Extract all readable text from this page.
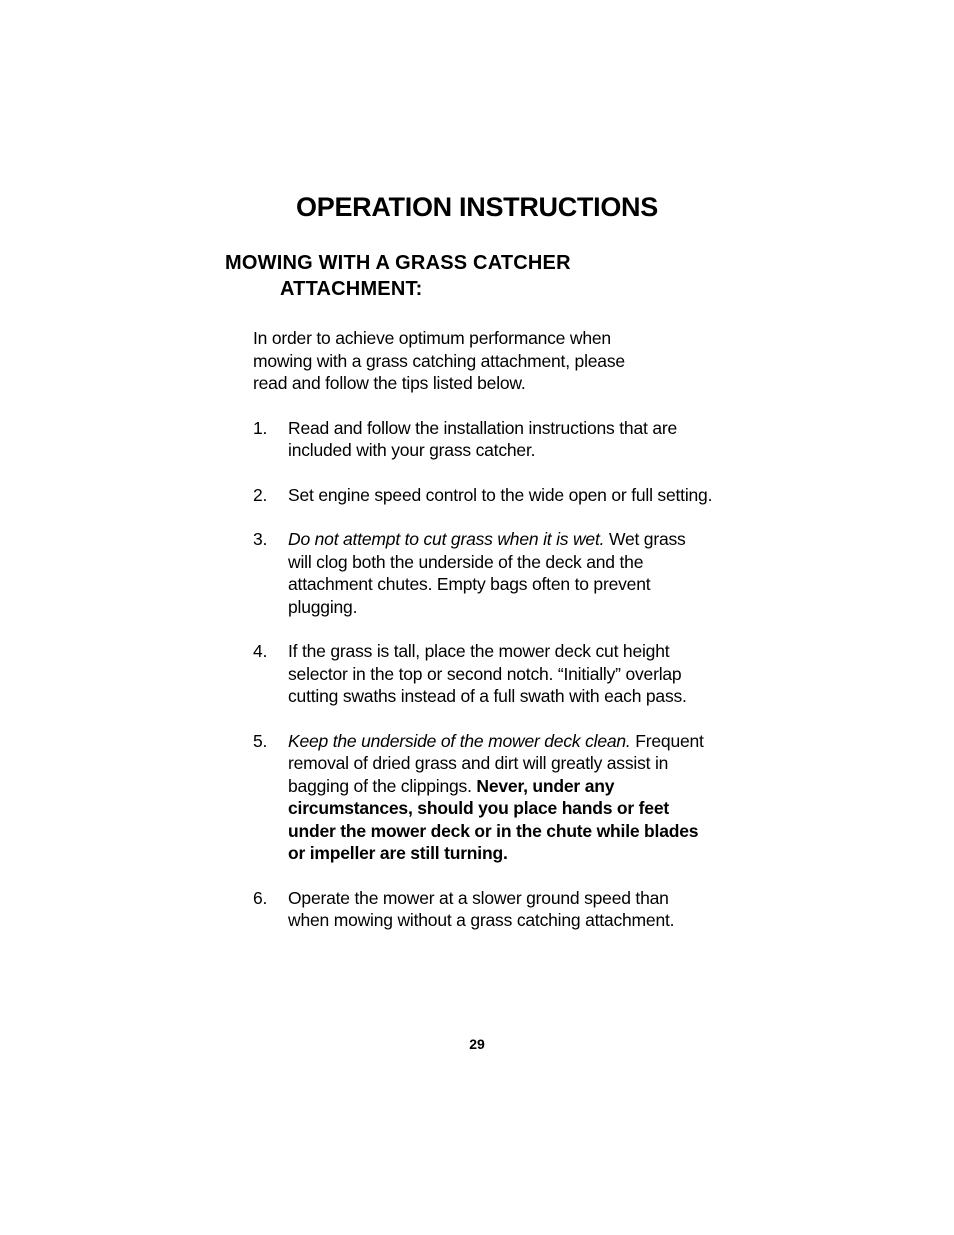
OPERATION INSTRUCTIONS
MOWING WITH A GRASS CATCHER
ATTACHMENT:

In order to achieve optimum performance when mowing with a grass catching attachment, please read and follow the tips listed below.

1. Read and follow the installation instructions that are included with your grass catcher.
2. Set engine speed control to the wide open or full setting.
3. Do not attempt to cut grass when it is wet. Wet grass will clog both the underside of the deck and the attachment chutes. Empty bags often to prevent plugging.
4. If the grass is tall, place the mower deck cut height selector in the top or second notch. “Initially” overlap cutting swaths instead of a full swath with each pass.
5. Keep the underside of the mower deck clean. Frequent removal of dried grass and dirt will greatly assist in bagging of the clippings. Never, under any circumstances, should you place hands or feet under the mower deck or in the chute while blades or impeller are still turning.
6. Operate the mower at a slower ground speed than when mowing without a grass catching attachment.
29
